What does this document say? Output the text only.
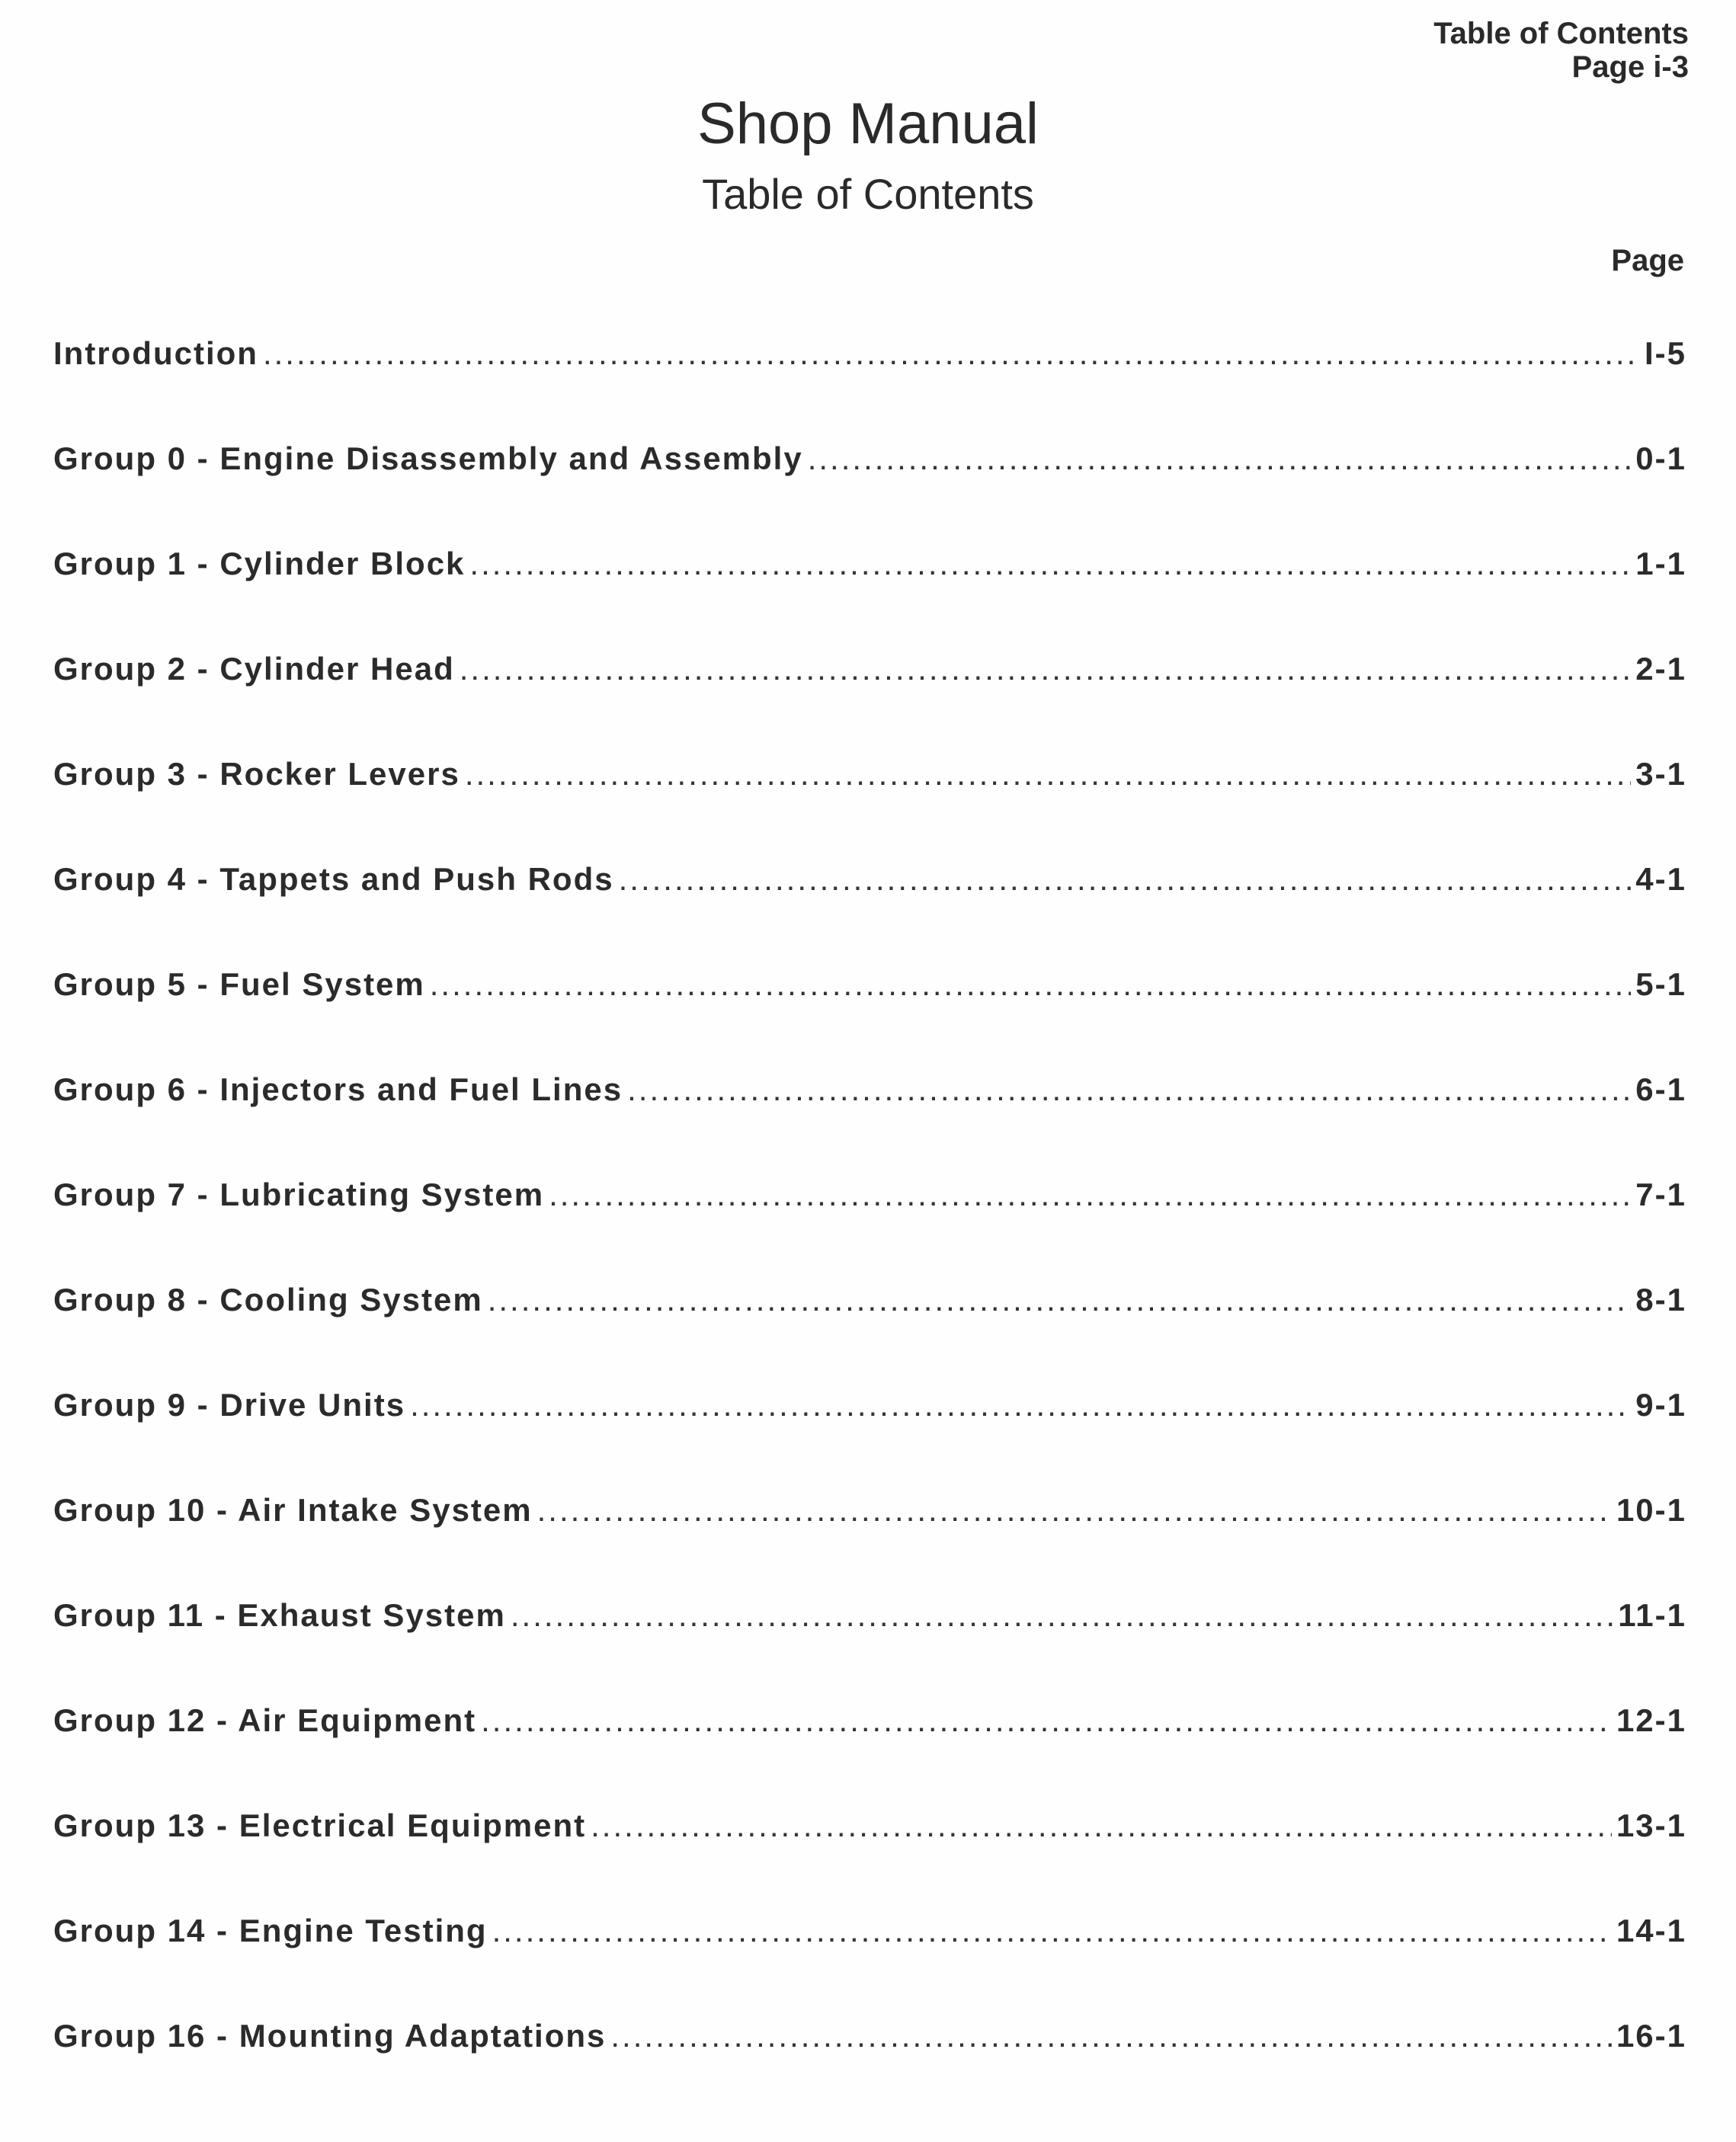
Table of Contents
Page i-3
Shop Manual
Table of Contents
Page
Introduction .....	I-5
Group 0 - Engine Disassembly and Assembly .....	0-1
Group 1 - Cylinder Block .....	1-1
Group 2 - Cylinder Head .....	2-1
Group 3 - Rocker Levers .....	3-1
Group 4 - Tappets and Push Rods .....	4-1
Group 5 - Fuel System .....	5-1
Group 6 - Injectors and Fuel Lines .....	6-1
Group 7 - Lubricating System .....	7-1
Group 8 - Cooling System .....	8-1
Group 9 - Drive Units .....	9-1
Group 10 - Air Intake System .....	10-1
Group 11 - Exhaust System .....	11-1
Group 12 - Air Equipment .....	12-1
Group 13 - Electrical Equipment .....	13-1
Group 14 - Engine Testing .....	14-1
Group 16 - Mounting Adaptations .....	16-1
